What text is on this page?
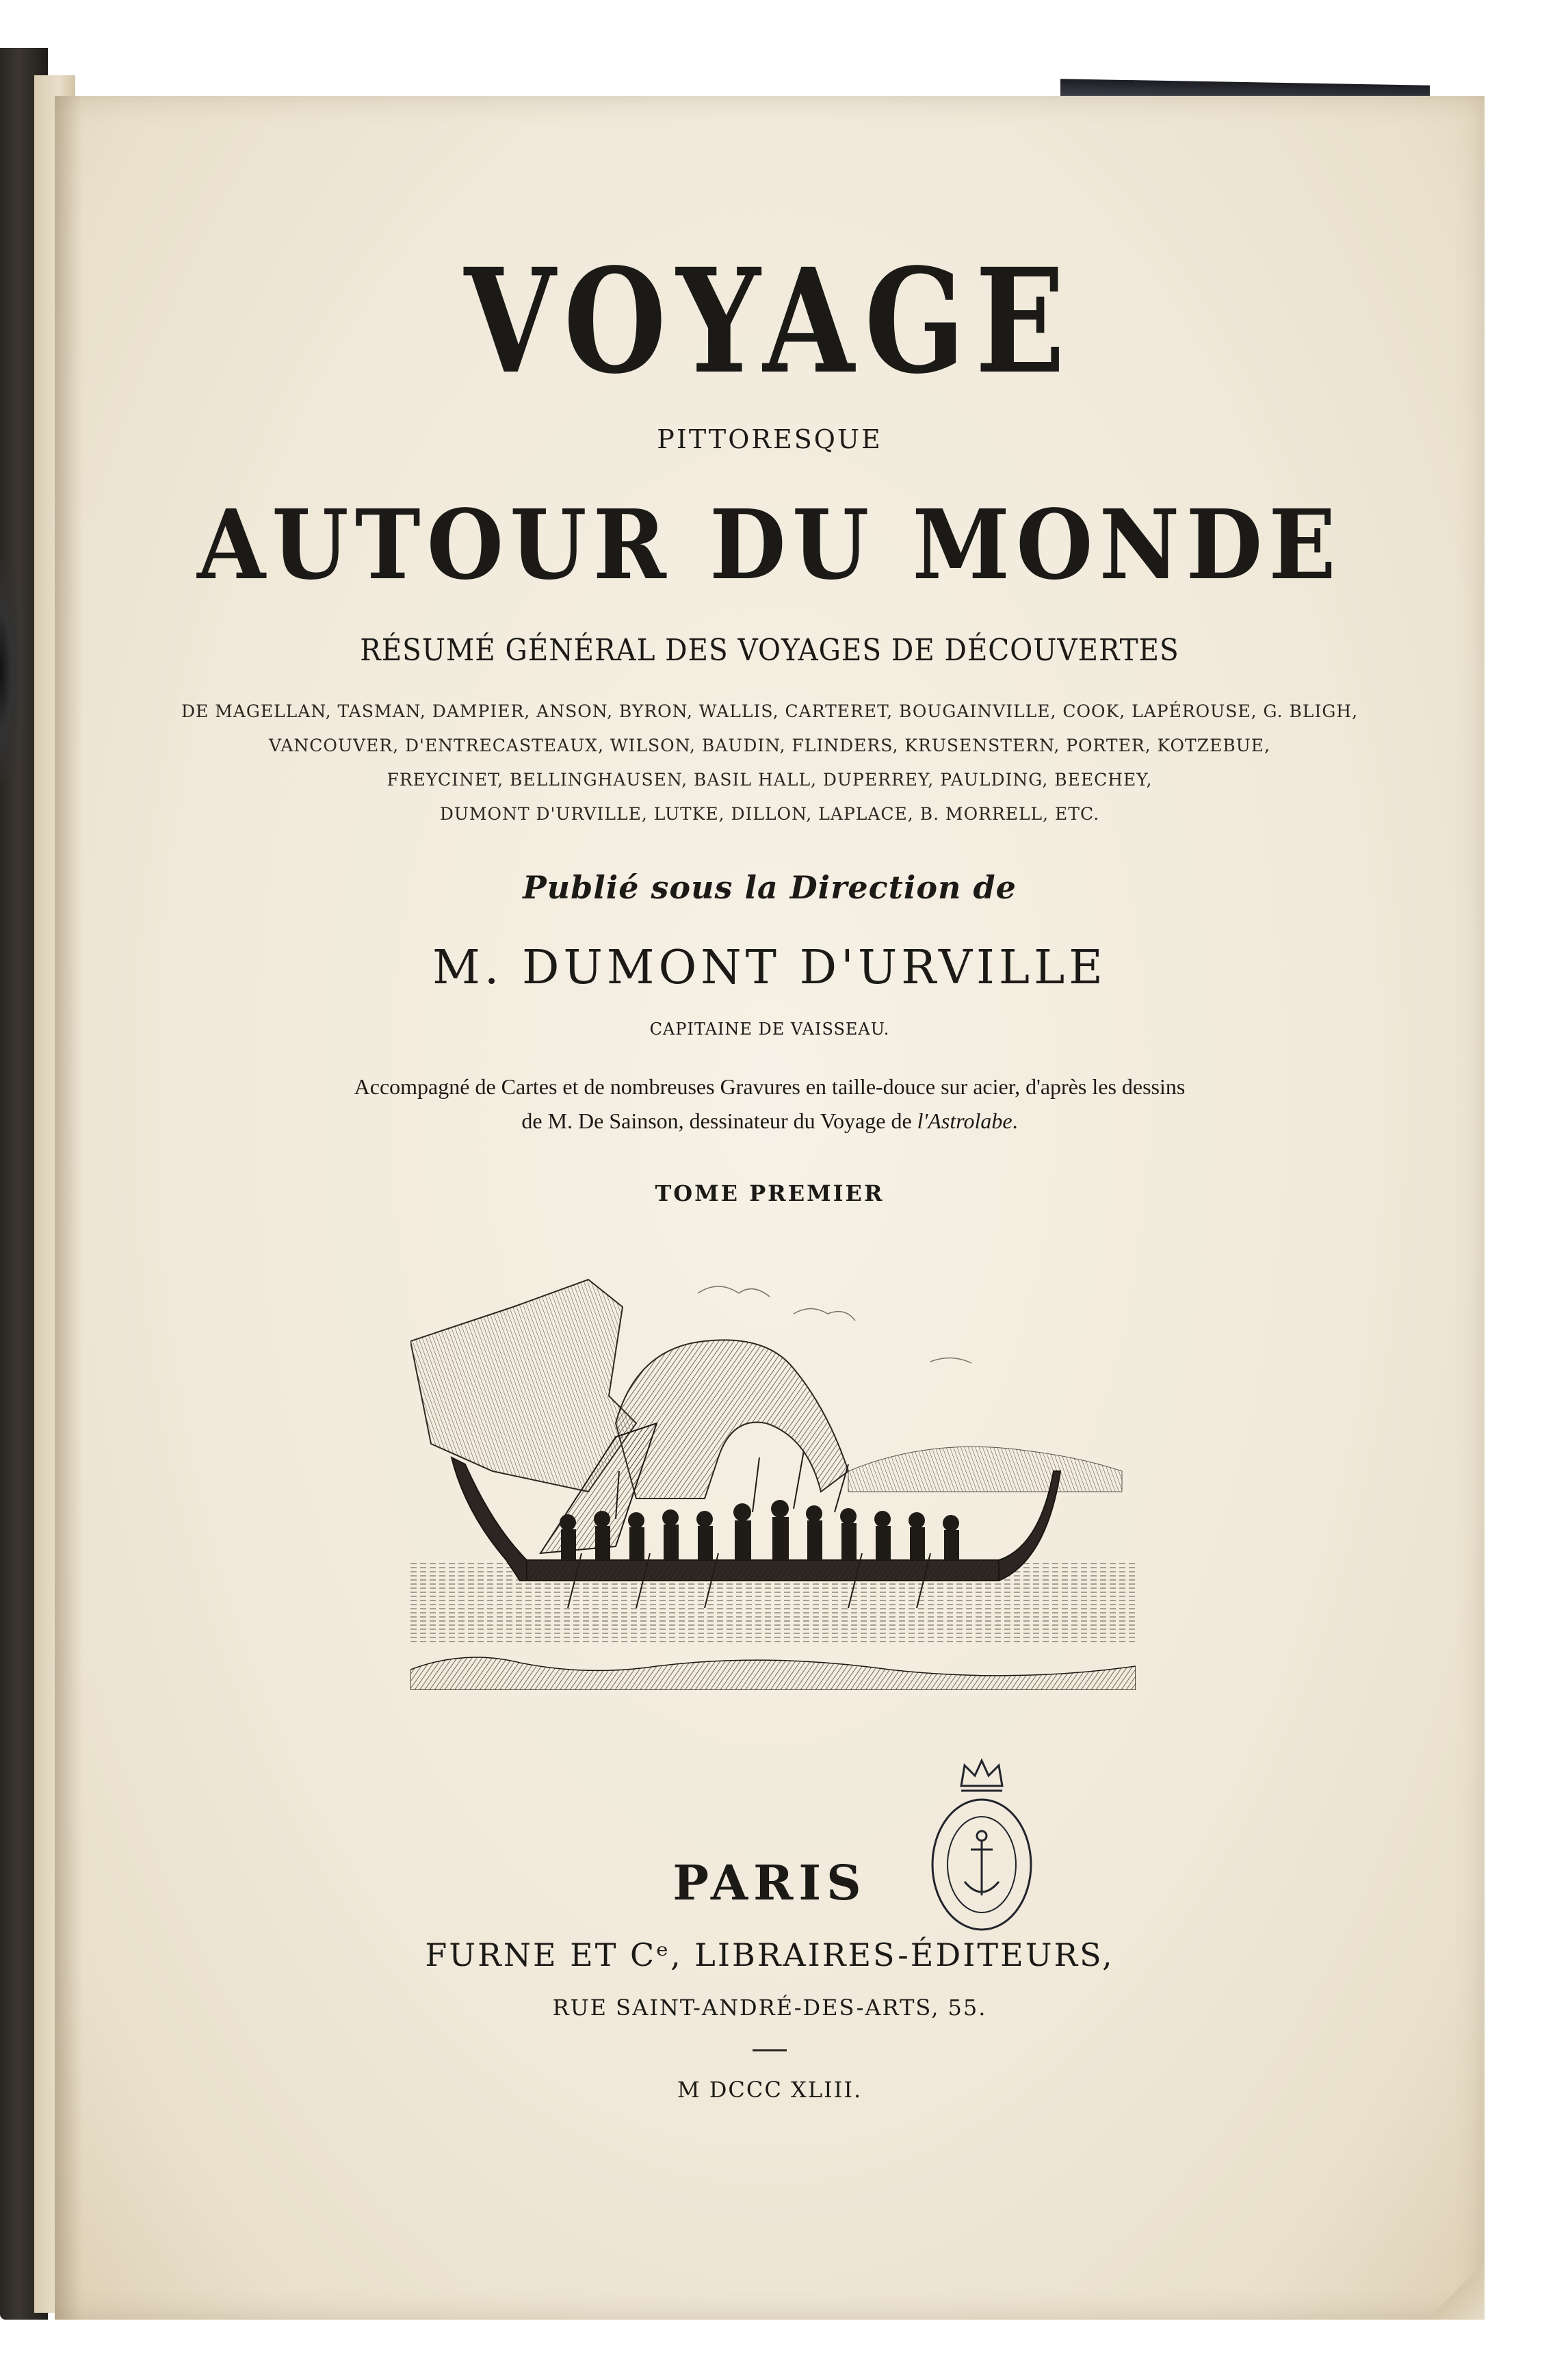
VOYAGE
PITTORESQUE
AUTOUR DU MONDE
RÉSUMÉ GÉNÉRAL DES VOYAGES DE DÉCOUVERTES
DE MAGELLAN, TASMAN, DAMPIER, ANSON, BYRON, WALLIS, CARTERET, BOUGAINVILLE, COOK, LAPÉROUSE, G. BLIGH,
VANCOUVER, D'ENTRECASTEAUX, WILSON, BAUDIN, FLINDERS, KRUSENSTERN, PORTER, KOTZEBUE,
FREYCINET, BELLINGHAUSEN, BASIL HALL, DUPERREY, PAULDING, BEECHEY,
DUMONT D'URVILLE, LUTKE, DILLON, LAPLACE, B. MORRELL, ETC.
Publié sous la Direction de
M. DUMONT D'URVILLE
CAPITAINE DE VAISSEAU.
Accompagné de Cartes et de nombreuses Gravures en taille-douce sur acier, d'après les dessins
de M. De Sainson, dessinateur du Voyage de l'Astrolabe.
TOME PREMIER
PARIS
FURNE ET Cᵉ, LIBRAIRES-ÉDITEURS,
RUE SAINT-ANDRÉ-DES-ARTS, 55.
M DCCC XLIII.
